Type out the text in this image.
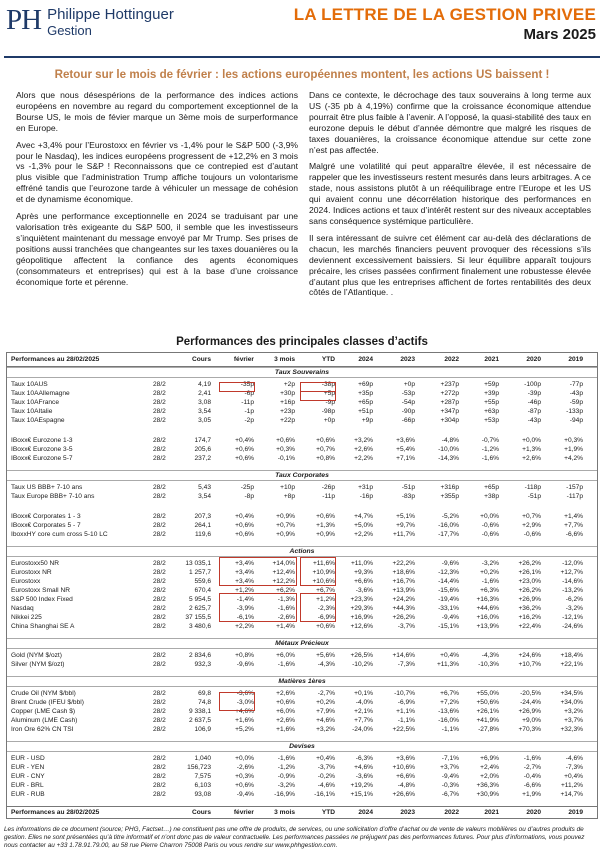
PH Philippe Hottinguer
Gestion
LA LETTRE DE LA GESTION PRIVEE
Mars 2025
Retour sur le mois de février : les actions européennes montent, les actions US baissent !

Alors que nous désespérions de la performance des indices actions européens en novembre au regard du comportement exceptionnel de la Bourse US, le mois de févier marque un 3ème mois de surperformance en Europe.

Avec +3,4% pour l’Eurostoxx en février vs -1,4% pour le S&P 500 (-3,9% pour le Nasdaq), les indices européens progressent de +12,2% en 3 mois vs -1,3% pour le S&P ! Reconnaissons que ce contrepied est d’autant plus visible que l’administration Trump affiche toujours un volontarisme effréné tandis que l’eurozone tarde à véhiculer un message de cohésion et de dynamisme économique.

Après une performance exceptionnelle en 2024 se traduisant par une valorisation très exigeante du S&P 500, il semble que les investisseurs s’inquiètent maintenant du message envoyé par Mr Trump. Ses prises de positions aussi tranchées que changeantes sur les taxes douanières ou la géopolitique affectent la confiance des agents économiques (consommateurs et entreprises) qui est à la base d’une croissance économique forte et pérenne.

Dans ce contexte, le décrochage des taux souverains à long terme aux US (-35 pb à 4,19%) confirme que la croissance économique attendue pourrait être plus faible à l’avenir. A l’opposé, la quasi-stabilité des taux en eurozone depuis le début d’année démontre que malgré les risques de taxes douanières, la croissance économique attendue sur cette zone n’est pas affectée.

Malgré une volatilité qui peut apparaître élevée, il est nécessaire de rappeler que les investisseurs restent mesurés dans leurs arbitrages. A ce stade, nous assistons plutôt à un rééquilibrage entre l’Europe et les US qui avaient connu une décorrélation historique des performances en 2024. Indices actions et taux d’intérêt restent sur des niveaux acceptables sans conséquence systémique particulière.

Il sera intéressant de suivre cet élément car au-delà des déclarations de chacun, les marchés financiers peuvent provoquer des récessions s’ils deviennent excessivement baissiers. Si leur équilibre apparaît toujours précaire, les crises passées confirment finalement une robustesse élevée d’autant plus que les entreprises affichent de fortes rentabilités des deux côtés de l’Atlantique. .

Performances des principales classes d’actifs
Performances au 28/02/2025	Cours	février	3 mois	YTD	2024	2023	2022	2021	2020	2019
Taux Souverains
Taux 10AUS	28/2	4,19	-35p	+2p	-38p	+69p	+0p	+237p	+59p	-100p	-77p
Taux 10AAllemagne	28/2	2,41	-6p	+30p	+5p	+35p	-53p	+272p	+39p	-39p	-43p
Taux 10AFrance	28/2	3,08	-11p	+16p	-9p	+65p	-54p	+287p	+55p	-46p	-59p
Taux 10AItalie	28/2	3,54	-1p	+23p	-98p	+51p	-90p	+347p	+63p	-87p	-133p
Taux 10AEspagne	28/2	3,05	-2p	+22p	+0p	+9p	-66p	+304p	+53p	-43p	-94p
IBoxx€ Eurozone 1-3	28/2	174,7	+0,4%	+0,6%	+0,6%	+3,2%	+3,6%	-4,8%	-0,7%	+0,0%	+0,3%
IBoxx€ Eurozone 3-5	28/2	205,6	+0,6%	+0,3%	+0,7%	+2,6%	+5,4%	-10,0%	-1,2%	+1,3%	+1,9%
IBoxx€ Eurozone 5-7	28/2	237,2	+0,6%	-0,1%	+0,8%	+2,2%	+7,1%	-14,3%	-1,6%	+2,6%	+4,2%
Taux Corporates
Taux US BBB+ 7-10 ans	28/2	5,43	-25p	+10p	-26p	+31p	-51p	+316p	+65p	-118p	-157p
Taux Europe BBB+ 7-10 ans	28/2	3,54	-8p	+8p	-11p	-16p	-83p	+355p	+38p	-51p	-117p
IBoxx€ Corporates 1 - 3	28/2	207,3	+0,4%	+0,9%	+0,6%	+4,7%	+5,1%	-5,2%	+0,0%	+0,7%	+1,4%
IBoxx€ Corporates 5 - 7	28/2	264,1	+0,6%	+0,7%	+1,3%	+5,0%	+9,7%	-16,0%	-0,6%	+2,9%	+7,7%
IboxxHY core cum cross 5-10 LC	28/2	119,6	+0,6%	+0,9%	+0,9%	+2,2%	+11,7%	-17,7%	-0,6%	-0,6%	-6,6%
Actions
Eurostoxx50 NR	28/2	13 035,1	+3,4%	+14,0%	+11,6%	+11,0%	+22,2%	-9,6%	-3,2%	+26,2%	-12,0%
Eurostoxx NR	28/2	1 257,7	+3,4%	+12,4%	+10,9%	+9,3%	+18,6%	-12,3%	+0,2%	+26,1%	+12,7%
Eurostoxx	28/2	559,6	+3,4%	+12,2%	+10,6%	+6,6%	+16,7%	-14,4%	-1,6%	+23,0%	-14,6%
Eurostoxx Small NR	28/2	670,4	+1,2%	+6,2%	+6,7%	-3,6%	+13,9%	-15,6%	+6,3%	+26,2%	-13,2%
S&P 500 Index Fixed	28/2	5 954,5	-1,4%	-1,3%	+1,2%	+23,3%	+24,2%	-19,4%	+16,3%	+26,9%	-6,2%
Nasdaq	28/2	2 625,7	-3,9%	-1,6%	-2,3%	+29,3%	+44,3%	-33,1%	+44,6%	+36,2%	-3,2%
Nikkei 225	28/2	37 155,5	-6,1%	-2,6%	-6,9%	+16,9%	+26,2%	-9,4%	+16,0%	+16,2%	-12,1%
China Shanghai SE A	28/2	3 480,6	+2,2%	+1,4%	+0,6%	+12,6%	-3,7%	-15,1%	+13,9%	+22,4%	-24,6%
Métaux Précieux
Gold (NYM $/ozt)	28/2	2 834,6	+0,8%	+6,0%	+5,6%	+26,5%	+14,6%	+0,4%	-4,3%	+24,6%	+18,4%
Silver (NYM $/ozt)	28/2	932,3	-9,6%	-1,6%	-4,3%	-10,2%	-7,3%	+11,3%	-10,3%	+10,7%	+22,1%
Matières 1ères
Crude Oil (NYM $/bbl)	28/2	69,8	-3,6%	+2,6%	-2,7%	+0,1%	-10,7%	+6,7%	+55,0%	-20,5%	+34,5%
Brent Crude (IFEU $/bbl)	28/2	74,8	-3,0%	+0,6%	+0,2%	-4,0%	-6,9%	+7,2%	+50,6%	-24,4%	+34,0%
Copper (LME Cash $)	28/2	9 338,1	+4,6%	+6,0%	+7,9%	+2,1%	+1,1%	-13,6%	+26,1%	+26,9%	+3,2%
Aluminum (LME Cash)	28/2	2 637,5	+1,6%	+2,6%	+4,6%	+7,7%	-1,1%	-16,0%	+41,9%	+9,0%	+3,7%
Iron Ore 62% CN TSI	28/2	106,9	+5,2%	+1,6%	+3,2%	-24,0%	+22,5%	-1,1%	-27,8%	+70,3%	+32,3%
Devises
EUR - USD	28/2	1,040	+0,0%	-1,6%	+0,4%	-6,3%	+3,6%	-7,1%	+6,9%	-1,6%	-4,6%
EUR - YEN	28/2	156,723	-2,6%	-1,2%	-3,7%	+4,6%	+10,6%	+3,7%	+2,4%	-2,7%	-7,3%
EUR - CNY	28/2	7,575	+0,3%	-0,9%	-0,2%	-3,6%	+6,6%	-9,4%	+2,0%	-0,4%	+0,4%
EUR - BRL	28/2	6,103	+0,6%	-3,2%	-4,6%	+19,2%	-4,8%	-0,3%	+36,3%	-6,6%	+11,2%
EUR - RUB	28/2	93,08	-9,4%	-16,9%	-16,1%	+15,1%	+26,6%	-6,7%	+30,9%	+1,9%	+14,7%
Performances au 28/02/2025	Cours	février	3 mois	YTD	2024	2023	2022	2021	2020	2019
Les informations de ce document (source; PHG, Factset…) ne constituent pas une offre de produits, de services, ou une sollicitation d’offre d’achat ou de vente de valeurs mobilières ou d’autres produits de gestion. Elles ne sont présentées qu’à titre informatif et n’ont donc pas de valeur contractuelle. Les performances passées ne préjugent pas des performances futures. Pour plus d’informations, vous pouvez nous contacter au +33 1.78.91.79.00, au 58 rue Pierre Charron 75008 Paris ou vous rendre sur www.phhgestion.com.
